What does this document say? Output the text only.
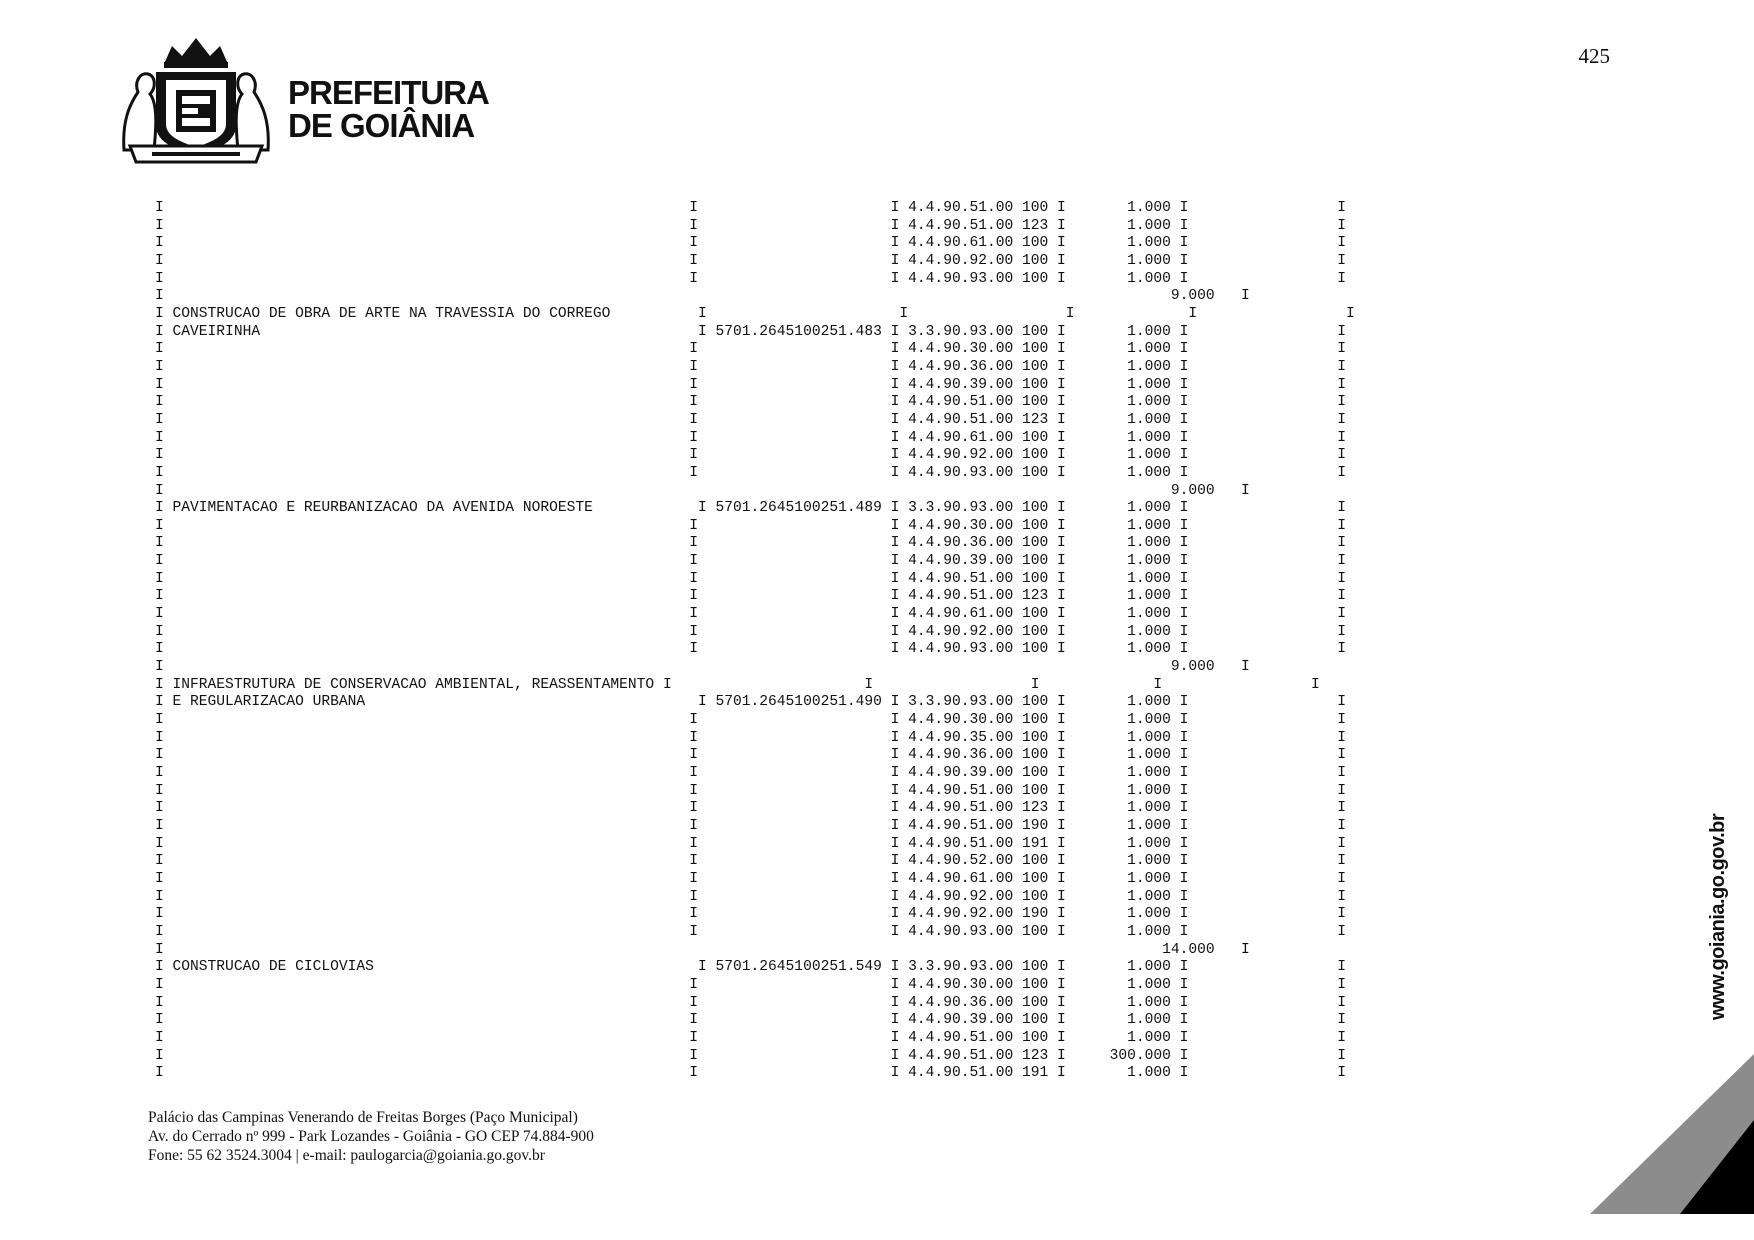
PREFEITURA
DE GOIÂNIA
425
I                                                            I                      I 4.4.90.51.00 100 I       1.000 I                 I
I                                                            I                      I 4.4.90.51.00 123 I       1.000 I                 I
I                                                            I                      I 4.4.90.61.00 100 I       1.000 I                 I
I                                                            I                      I 4.4.90.92.00 100 I       1.000 I                 I
I                                                            I                      I 4.4.90.93.00 100 I       1.000 I                 I
I                                                                                                                   9.000   I
I CONSTRUCAO DE OBRA DE ARTE NA TRAVESSIA DO CORREGO          I                      I                  I             I                 I
I CAVEIRINHA                                                  I 5701.2645100251.483 I 3.3.90.93.00 100 I       1.000 I                 I
I                                                            I                      I 4.4.90.30.00 100 I       1.000 I                 I
I                                                            I                      I 4.4.90.36.00 100 I       1.000 I                 I
I                                                            I                      I 4.4.90.39.00 100 I       1.000 I                 I
I                                                            I                      I 4.4.90.51.00 100 I       1.000 I                 I
I                                                            I                      I 4.4.90.51.00 123 I       1.000 I                 I
I                                                            I                      I 4.4.90.61.00 100 I       1.000 I                 I
I                                                            I                      I 4.4.90.92.00 100 I       1.000 I                 I
I                                                            I                      I 4.4.90.93.00 100 I       1.000 I                 I
I                                                                                                                   9.000   I
I PAVIMENTACAO E REURBANIZACAO DA AVENIDA NOROESTE            I 5701.2645100251.489 I 3.3.90.93.00 100 I       1.000 I                 I
I                                                            I                      I 4.4.90.30.00 100 I       1.000 I                 I
I                                                            I                      I 4.4.90.36.00 100 I       1.000 I                 I
I                                                            I                      I 4.4.90.39.00 100 I       1.000 I                 I
I                                                            I                      I 4.4.90.51.00 100 I       1.000 I                 I
I                                                            I                      I 4.4.90.51.00 123 I       1.000 I                 I
I                                                            I                      I 4.4.90.61.00 100 I       1.000 I                 I
I                                                            I                      I 4.4.90.92.00 100 I       1.000 I                 I
I                                                            I                      I 4.4.90.93.00 100 I       1.000 I                 I
I                                                                                                                   9.000   I
I INFRAESTRUTURA DE CONSERVACAO AMBIENTAL, REASSENTAMENTO I                      I                  I             I                 I
I E REGULARIZACAO URBANA                                      I 5701.2645100251.490 I 3.3.90.93.00 100 I       1.000 I                 I
I                                                            I                      I 4.4.90.30.00 100 I       1.000 I                 I
I                                                            I                      I 4.4.90.35.00 100 I       1.000 I                 I
I                                                            I                      I 4.4.90.36.00 100 I       1.000 I                 I
I                                                            I                      I 4.4.90.39.00 100 I       1.000 I                 I
I                                                            I                      I 4.4.90.51.00 100 I       1.000 I                 I
I                                                            I                      I 4.4.90.51.00 123 I       1.000 I                 I
I                                                            I                      I 4.4.90.51.00 190 I       1.000 I                 I
I                                                            I                      I 4.4.90.51.00 191 I       1.000 I                 I
I                                                            I                      I 4.4.90.52.00 100 I       1.000 I                 I
I                                                            I                      I 4.4.90.61.00 100 I       1.000 I                 I
I                                                            I                      I 4.4.90.92.00 100 I       1.000 I                 I
I                                                            I                      I 4.4.90.92.00 190 I       1.000 I                 I
I                                                            I                      I 4.4.90.93.00 100 I       1.000 I                 I
I                                                                                                                  14.000   I
I CONSTRUCAO DE CICLOVIAS                                     I 5701.2645100251.549 I 3.3.90.93.00 100 I       1.000 I                 I
I                                                            I                      I 4.4.90.30.00 100 I       1.000 I                 I
I                                                            I                      I 4.4.90.36.00 100 I       1.000 I                 I
I                                                            I                      I 4.4.90.39.00 100 I       1.000 I                 I
I                                                            I                      I 4.4.90.51.00 100 I       1.000 I                 I
I                                                            I                      I 4.4.90.51.00 123 I     300.000 I                 I
I                                                            I                      I 4.4.90.51.00 191 I       1.000 I                 I
Palácio das Campinas Venerando de Freitas Borges (Paço Municipal)
Av. do Cerrado nº 999 - Park Lozandes - Goiânia - GO CEP 74.884-900
Fone: 55 62 3524.3004 | e-mail: paulogarcia@goiania.go.gov.br
www.goiania.go.gov.br
